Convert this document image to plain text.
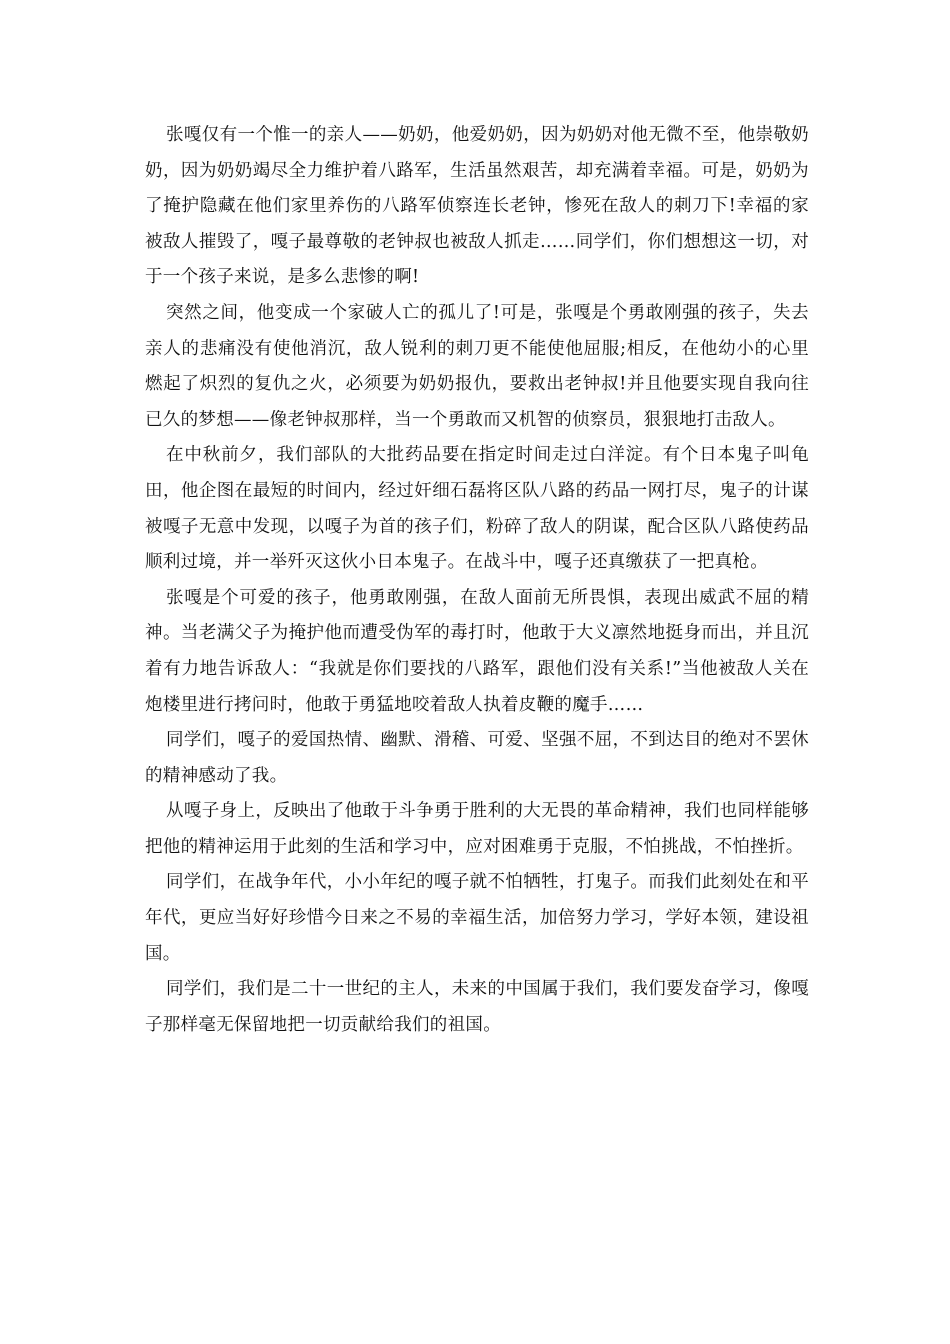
张嘎仅有一个惟一的亲人——奶奶，他爱奶奶，因为奶奶对他无微不至，他崇敬奶奶，因为奶奶竭尽全力维护着八路军，生活虽然艰苦，却充满着幸福。可是，奶奶为了掩护隐藏在他们家里养伤的八路军侦察连长老钟，惨死在敌人的刺刀下!幸福的家被敌人摧毁了，嘎子最尊敬的老钟叔也被敌人抓走……同学们，你们想想这一切，对于一个孩子来说，是多么悲惨的啊!

突然之间，他变成一个家破人亡的孤儿了!可是，张嘎是个勇敢刚强的孩子，失去亲人的悲痛没有使他消沉，敌人锐利的刺刀更不能使他屈服;相反，在他幼小的心里燃起了炽烈的复仇之火，必须要为奶奶报仇，要救出老钟叔!并且他要实现自我向往已久的梦想——像老钟叔那样，当一个勇敢而又机智的侦察员，狠狠地打击敌人。

在中秋前夕，我们部队的大批药品要在指定时间走过白洋淀。有个日本鬼子叫龟田，他企图在最短的时间内，经过奸细石磊将区队八路的药品一网打尽，鬼子的计谋被嘎子无意中发现，以嘎子为首的孩子们，粉碎了敌人的阴谋，配合区队八路使药品顺利过境，并一举歼灭这伙小日本鬼子。在战斗中，嘎子还真缴获了一把真枪。

张嘎是个可爱的孩子，他勇敢刚强，在敌人面前无所畏惧，表现出威武不屈的精神。当老满父子为掩护他而遭受伪军的毒打时，他敢于大义凛然地挺身而出，并且沉着有力地告诉敌人：“我就是你们要找的八路军，跟他们没有关系!”当他被敌人关在炮楼里进行拷问时，他敢于勇猛地咬着敌人执着皮鞭的魔手……

同学们，嘎子的爱国热情、幽默、滑稽、可爱、坚强不屈，不到达目的绝对不罢休的精神感动了我。

从嘎子身上，反映出了他敢于斗争勇于胜利的大无畏的革命精神，我们也同样能够把他的精神运用于此刻的生活和学习中，应对困难勇于克服，不怕挑战，不怕挫折。

同学们，在战争年代，小小年纪的嘎子就不怕牺牲，打鬼子。而我们此刻处在和平年代，更应当好好珍惜今日来之不易的幸福生活，加倍努力学习，学好本领，建设祖国。

同学们，我们是二十一世纪的主人，未来的中国属于我们，我们要发奋学习，像嘎子那样毫无保留地把一切贡献给我们的祖国。
